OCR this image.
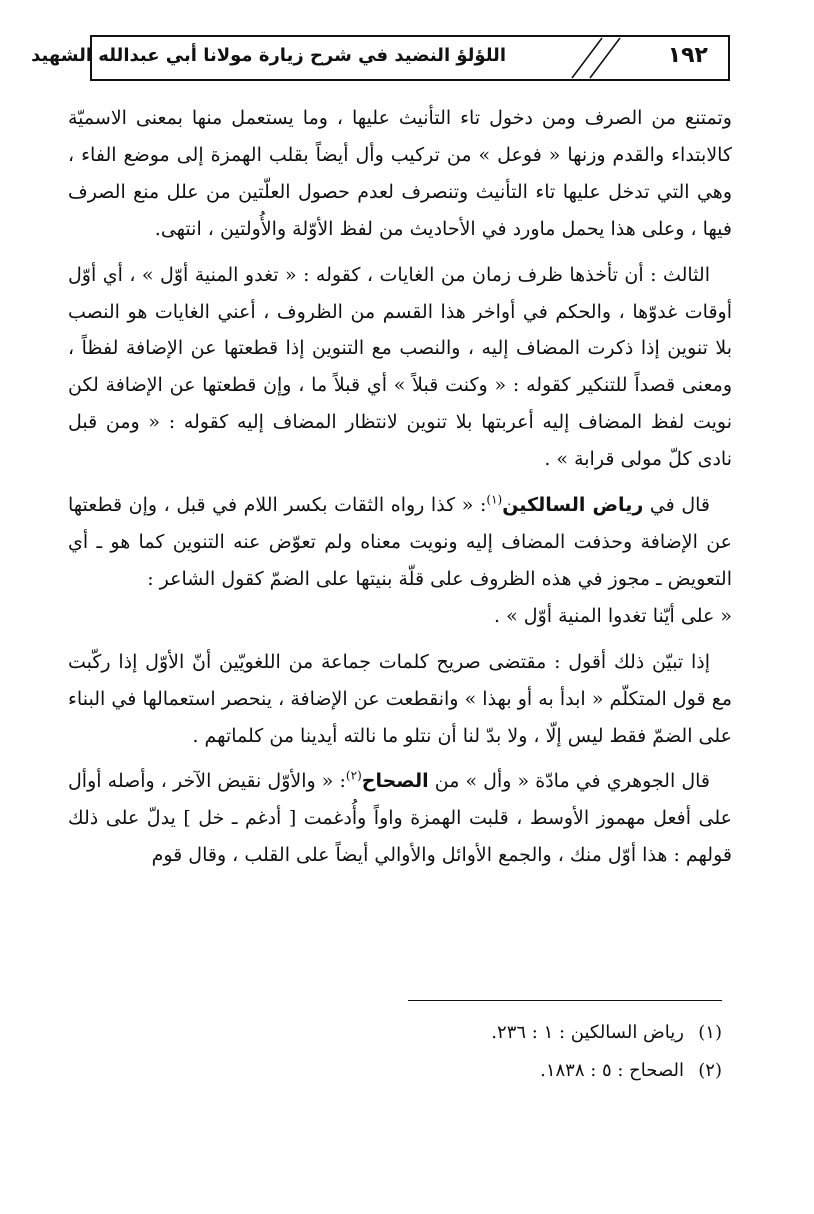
١٩٢
اللؤلؤ النضيد في شرح زيارة مولانا أبي عبدالله الشهيد

وتمتنع من الصرف ومن دخول تاء التأنيث عليها ، وما يستعمل منها بمعنى الاسميّة كالابتداء والقدم وزنها « فوعل » من تركيب وأل أيضاً بقلب الهمزة إلى موضع الفاء ، وهي التي تدخل عليها تاء التأنيث وتنصرف لعدم حصول العلّتين من علل منع الصرف فيها ، وعلى هذا يحمل ماورد في الأحاديث من لفظ الأوّلة والأُولتين ، انتهى.

الثالث : أن تأخذها ظرف زمان من الغايات ، كقوله : « تغدو المنية أوّل » ، أي أوّل أوقات غدوّها ، والحكم في أواخر هذا القسم من الظروف ، أعني الغايات هو النصب بلا تنوين إذا ذكرت المضاف إليه ، والنصب مع التنوين إذا قطعتها عن الإضافة لفظاً ، ومعنى قصداً للتنكير كقوله : « وكنت قبلاً » أي قبلاً ما ، وإن قطعتها عن الإضافة لكن نويت لفظ المضاف إليه أعربتها بلا تنوين لانتظار المضاف إليه كقوله : « ومن قبل نادى كلّ مولى قرابة » .

قال في رياض السالكين$^{(١)}$: « كذا رواه الثقات بكسر اللام في قبل ، وإن قطعتها عن الإضافة وحذفت المضاف إليه ونويت معناه ولم تعوّض عنه التنوين كما هو ـ أي التعويض ـ مجوز في هذه الظروف على قلّة بنيتها على الضمّ كقول الشاعر :

« على أيّنا تغدوا المنية أوّل » .

إذا تبيّن ذلك أقول : مقتضى صريح كلمات جماعة من اللغويّين أنّ الأوّل إذا ركّبت مع قول المتكلّم « ابدأ به أو بهذا » وانقطعت عن الإضافة ، ينحصر استعمالها في البناء على الضمّ فقط ليس إلّا ، ولا بدّ لنا أن نتلو ما نالته أيدينا من كلماتهم .

قال الجوهري في مادّة « وأل » من الصحاح$^{(٢)}$: « والأوّل نقيض الآخر ، وأصله أوأل على أفعل مهموز الأوسط ، قلبت الهمزة واواً وأُدغمت [ أدغم ـ خل ] يدلّ على ذلك قولهم : هذا أوّل منك ، والجمع الأوائل والأوالي أيضاً على القلب ، وقال قوم

(١)رياض السالكين : ١ : ٢٣٦.
(٢)الصحاح : ٥ : ١٨٣٨.
